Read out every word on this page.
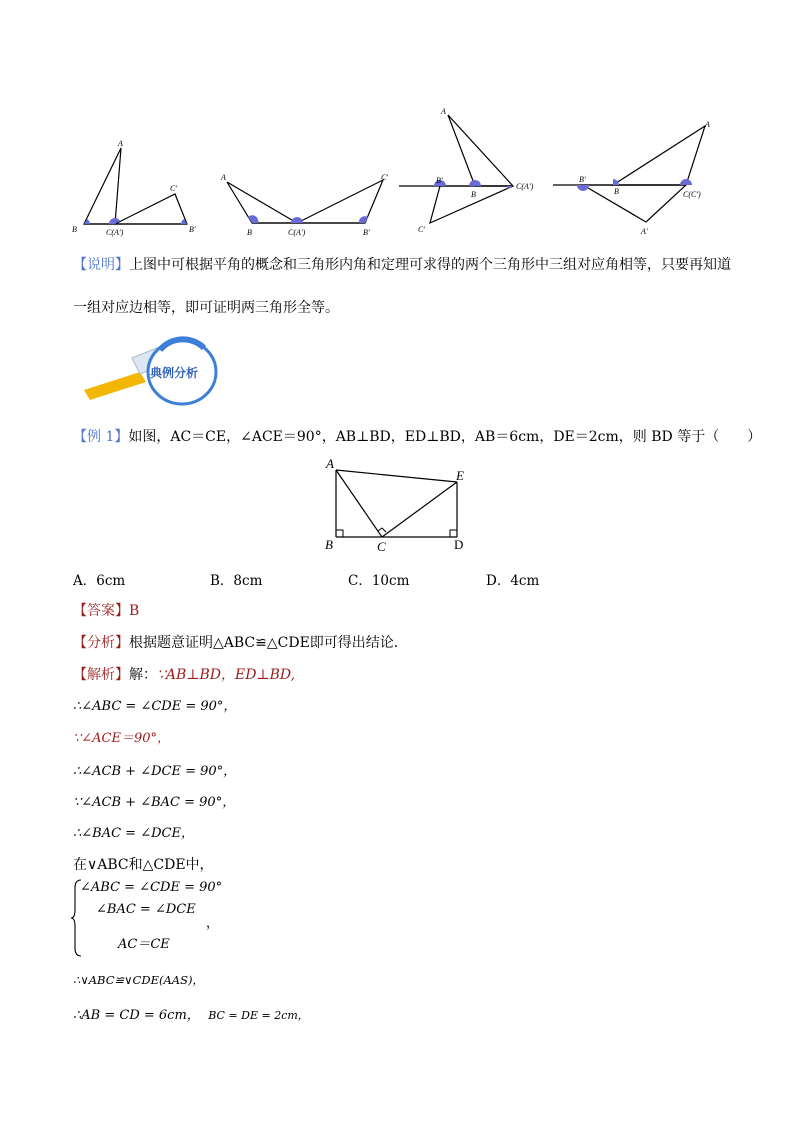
A
B	C(A')
C'
B'
A
B	C(A')
C'
B'
A
B'
B
C(A')
C'
A
B'
B	C(C')
A'
【说明】上图中可根据平角的概念和三角形内角和定理可求得的两个三角形中三组对应角相等，只要再知道一组对应边相等，即可证明两三角形全等。
典例分析
【例 1】如图，AC＝CE，∠ACE＝90°，AB⊥BD，ED⊥BD，AB＝6cm，DE＝2cm，则 BD 等于（　　）
A
B	C	D
E
A．6cm	B．8cm	C．10cm	D．4cm
【答案】B
【分析】根据题意证明△ABC≌△CDE即可得出结论．
【解析】解：∵AB⊥BD，ED⊥BD,
∴∠ABC = ∠CDE = 90°，
∵∠ACE＝90°，
∴∠ACB + ∠DCE = 90°，
∵∠ACB + ∠BAC = 90°，
∴∠BAC = ∠DCE，
在∨ABC和△CDE中，
∠ABC = ∠CDE = 90°
∠BAC = ∠DCE
AC＝CE
，
∴∨ABC≌∨CDE(AAS)，
∴AB = CD = 6cm， BC = DE = 2cm，
